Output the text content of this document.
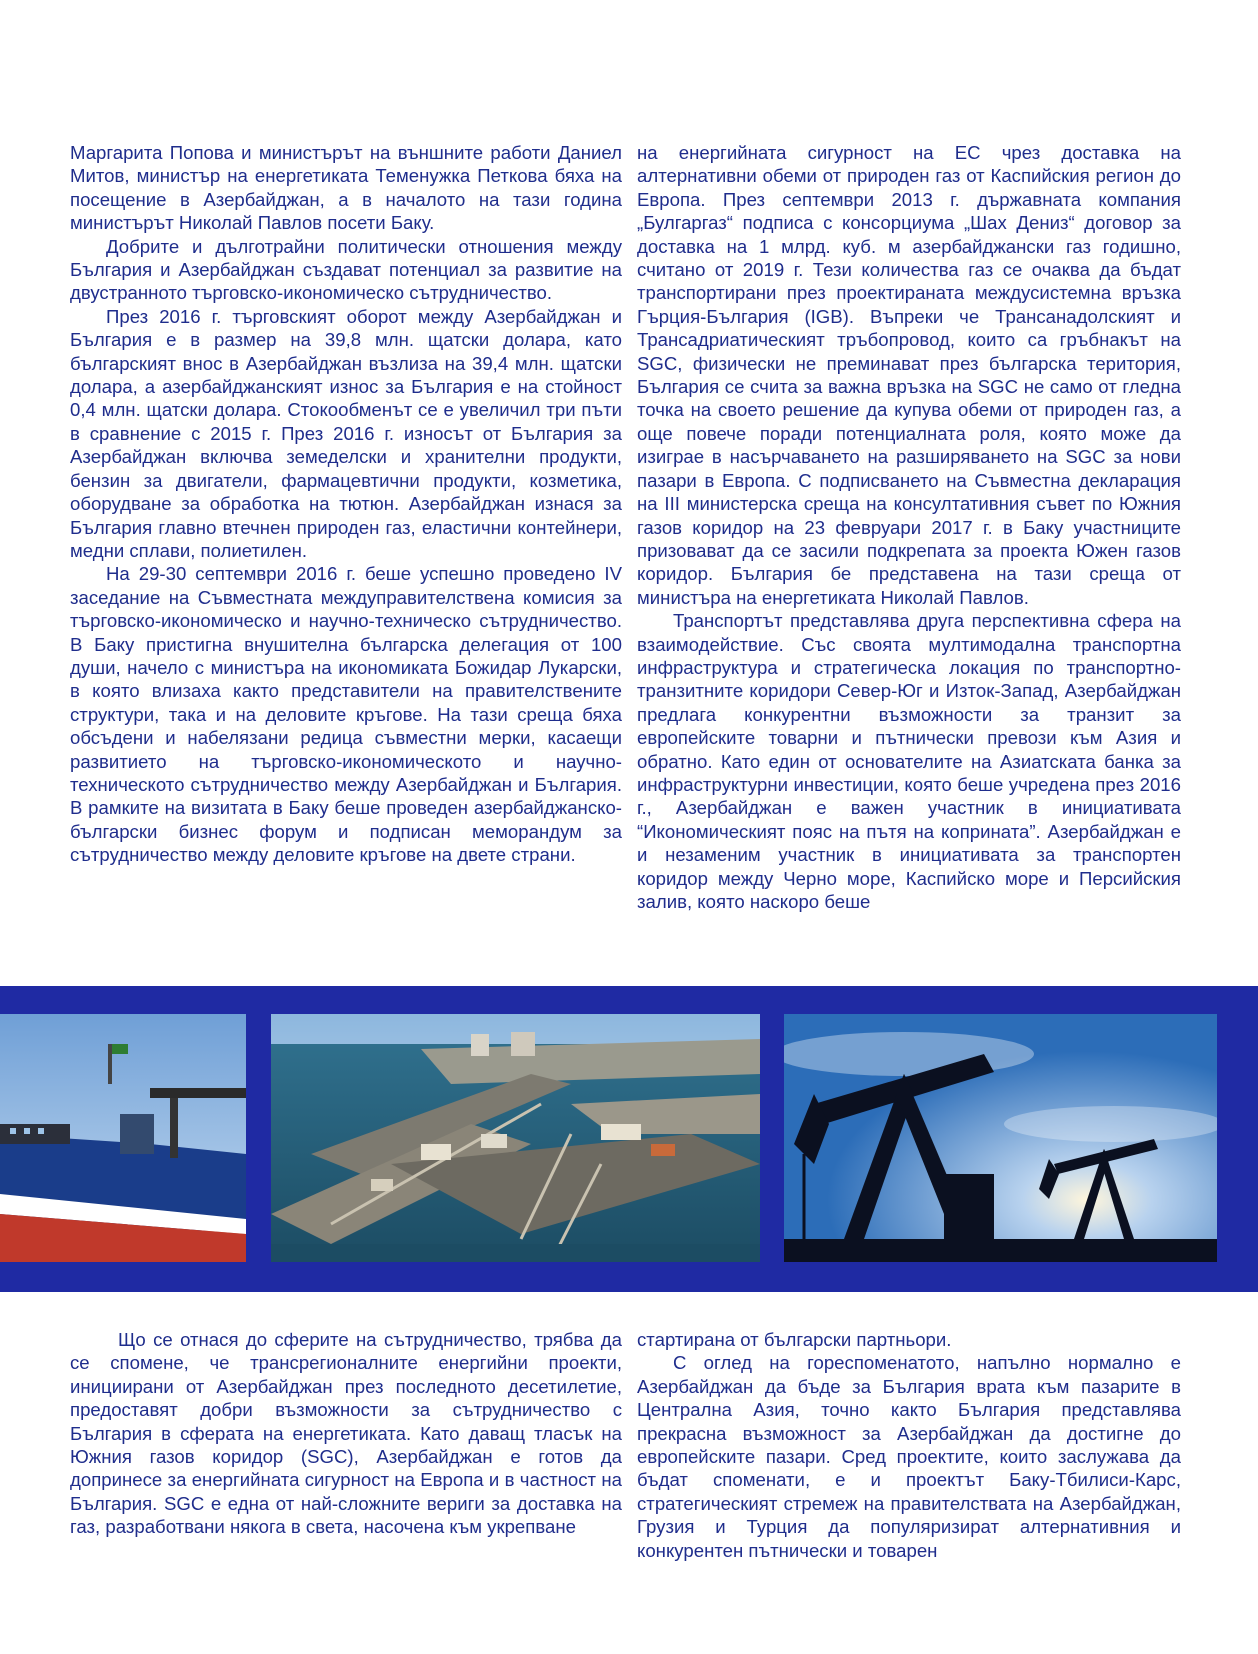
Маргарита Попова и министърът на външните работи Даниел Митов, министър на енергетиката Теменужка Петкова бяха на посещение в Азербайджан, а в началото на тази година министърът Николай Павлов посети Баку.

Добрите и дълготрайни политически отношения между България и Азербайджан създават потенциал за развитие на двустранното търговско-икономическо сътрудничество.

През 2016 г. търговският оборот между Азербайджан и България е в размер на 39,8 млн. щатски долара, като българският внос в Азербайджан възлиза на 39,4 млн. щатски долара, а азербайджанският износ за България е на стойност 0,4 млн. щатски долара. Стокообменът се е увеличил три пъти в сравнение с 2015 г. През 2016 г. износът от България за Азербайджан включва земеделски и хранителни продукти, бензин за двигатели, фармацевтични продукти, козметика, оборудване за обработка на тютюн. Азербайджан изнася за България главно втечнен природен газ, еластични контейнери, медни сплави, полиетилен.

На 29-30 септември 2016 г. беше успешно проведено IV заседание на Съвместната междуправителствена комисия за търговско-икономическо и научно-техническо сътрудничество. В Баку пристигна внушителна българска делегация от 100 души, начело с министъра на икономиката Божидар Лукарски, в която влизаха както представители на правителствените структури, така и на деловите кръгове. На тази среща бяха обсъдени и набелязани редица съвместни мерки, касаещи развитието на търговско-икономическото и научно-техническото сътрудничество между Азербайджан и България. В рамките на визитата в Баку беше проведен азербайджанско-български бизнес форум и подписан меморандум за сътрудничество между деловите кръгове на двете страни.

на енергийната сигурност на ЕС чрез доставка на алтернативни обеми от природен газ от Каспийския регион до Европа. През септември 2013 г. държавната компания „Булгаргаз“ подписа с консорциума „Шах Дениз“ договор за доставка на 1 млрд. куб. м азербайджански газ годишно, считано от 2019 г. Тези количества газ се очаква да бъдат транспортирани през проектираната междусистемна връзка Гърция-България (IGB). Въпреки че Трансанадолският и Трансадриатическият тръбопровод, които са гръбнакът на SGC, физически не преминават през българска територия, България се счита за важна връзка на SGC не само от гледна точка на своето решение да купува обеми от природен газ, а още повече поради потенциалната роля, която може да изиграе в насърчаването на разширяването на SGC за нови пазари в Европа. С подписването на Съвместна декларация на III министерска среща на консултативния съвет по Южния газов коридор на 23 февруари 2017 г. в Баку участниците призовават да се засили подкрепата за проекта Южен газов коридор. България бе представена на тази среща от министъра на енергетиката Николай Павлов.

Транспортът представлява друга перспективна сфера на взаимодействие. Със своята мултимодална транспортна инфраструктура и стратегическа локация по транспортно-транзитните коридори Север-Юг и Изток-Запад, Азербайджан предлага конкурентни възможности за транзит за европейските товарни и пътнически превози към Азия и обратно. Като един от основателите на Азиатската банка за инфраструктурни инвестиции, която беше учредена през 2016 г., Азербайджан е важен участник в инициативата “Икономическият пояс на пътя на коприната”. Азербайджан е и незаменим участник в инициативата за транспортен коридор между Черно море, Каспийско море и Персийския залив, която наскоро беше

Що се отнася до сферите на сътрудничество, трябва да се спомене, че трансрегионалните енергийни проекти, инициирани от Азербайджан през последното десетилетие, предоставят добри възможности за сътрудничество с България в сферата на енергетиката. Като даващ тласък на Южния газов коридор (SGC), Азербайджан е готов да допринесе за енергийната сигурност на Европа и в частност на България. SGC е една от най-сложните вериги за доставка на газ, разработвани някога в света, насочена към укрепване

стартирана от български партньори.

С оглед на гореспоменатото, напълно нормално е Азербайджан да бъде за България врата към пазарите в Централна Азия, точно както България представлява прекрасна възможност за Азербайджан да достигне до европейските пазари. Сред проектите, които заслужава да бъдат споменати, е и проектът Баку-Тбилиси-Карс, стратегическият стремеж на правителствата на Азербайджан, Грузия и Турция да популяризират алтернативния и конкурентен пътнически и товарен
